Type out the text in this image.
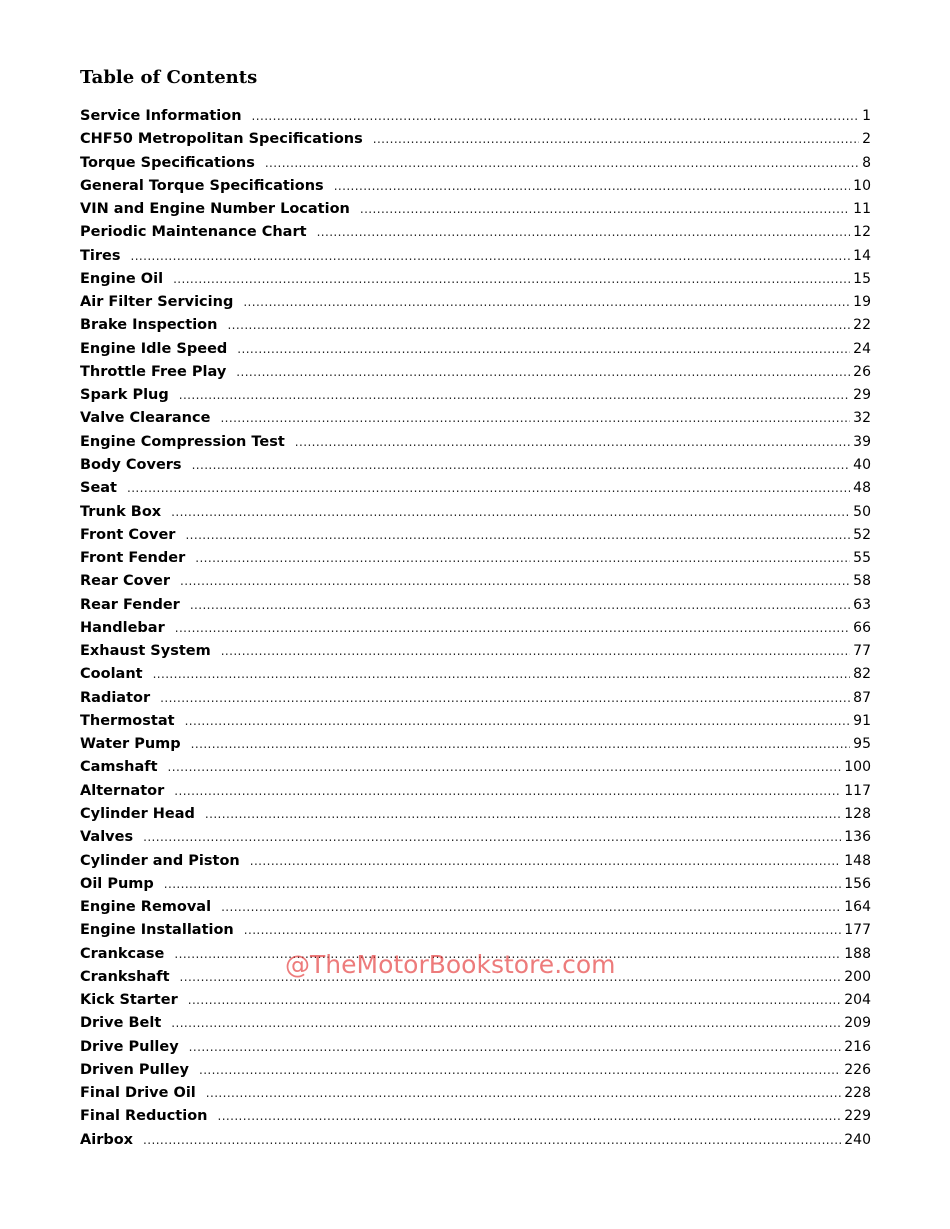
Table of Contents
Service Information .....	1
CHF50 Metropolitan Specifications .....	2
Torque Specifications .....	8
General Torque Specifications .....	10
VIN and Engine Number Location .....	11
Periodic Maintenance Chart .....	12
Tires .....	14
Engine Oil .....	15
Air Filter Servicing .....	19
Brake Inspection .....	22
Engine Idle Speed .....	24
Throttle Free Play .....	26
Spark Plug .....	29
Valve Clearance .....	32
Engine Compression Test .....	39
Body Covers .....	40
Seat .....	48
Trunk Box .....	50
Front Cover .....	52
Front Fender .....	55
Rear Cover .....	58
Rear Fender .....	63
Handlebar .....	66
Exhaust System .....	77
Coolant .....	82
Radiator .....	87
Thermostat .....	91
Water Pump .....	95
Camshaft .....	100
Alternator .....	117
Cylinder Head .....	128
Valves .....	136
Cylinder and Piston .....	148
Oil Pump .....	156
Engine Removal .....	164
Engine Installation .....	177
Crankcase .....	188
Crankshaft .....	200
Kick Starter .....	204
Drive Belt .....	209
Drive Pulley .....	216
Driven Pulley .....	226
Final Drive Oil .....	228
Final Reduction .....	229
Airbox .....	240
@TheMotorBookstore.com
